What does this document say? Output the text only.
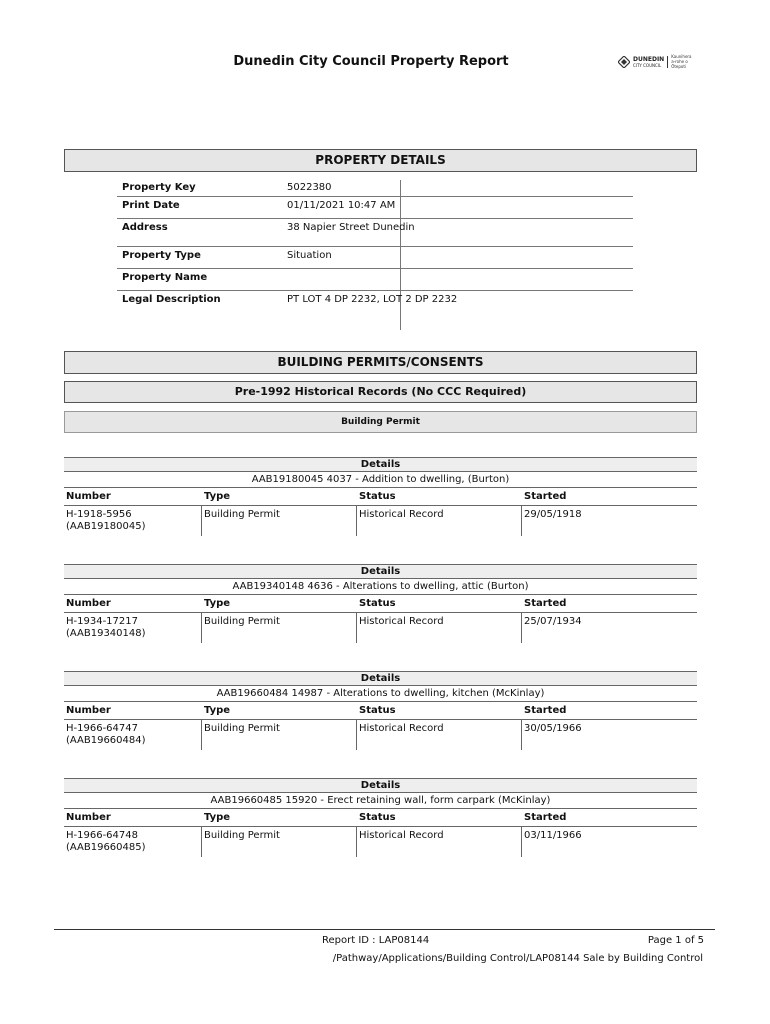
Dunedin City Council Property Report	DUNEDIN
CITY COUNCIL
Kaunihera
a-rohe o
Ōtepoti
PROPERTY DETAILS
Property Key	5022380
Print Date	01/11/2021 10:47 AM
Address	38 Napier Street Dunedin
Property Type	Situation
Property Name
Legal Description	PT LOT 4 DP 2232, LOT 2 DP 2232
BUILDING PERMITS/CONSENTS
Pre-1992 Historical Records (No CCC Required)
Building Permit
Details
AAB19180045 4037 - Addition to dwelling, (Burton)
Number	Type	Status	Started
H-1918-5956
(AAB19180045)
Building Permit	Historical Record	29/05/1918
Details
AAB19340148 4636 - Alterations to dwelling, attic (Burton)
Number	Type	Status	Started
H-1934-17217
(AAB19340148)
Building Permit	Historical Record	25/07/1934
Details
AAB19660484 14987 - Alterations to dwelling, kitchen (McKinlay)
Number	Type	Status	Started
H-1966-64747
(AAB19660484)
Building Permit	Historical Record	30/05/1966
Details
AAB19660485 15920 - Erect retaining wall, form carpark (McKinlay)
Number	Type	Status	Started
H-1966-64748
(AAB19660485)
Building Permit	Historical Record	03/11/1966
Report ID : LAP08144	Page 1 of 5
/Pathway/Applications/Building Control/LAP08144 Sale by Building Control
